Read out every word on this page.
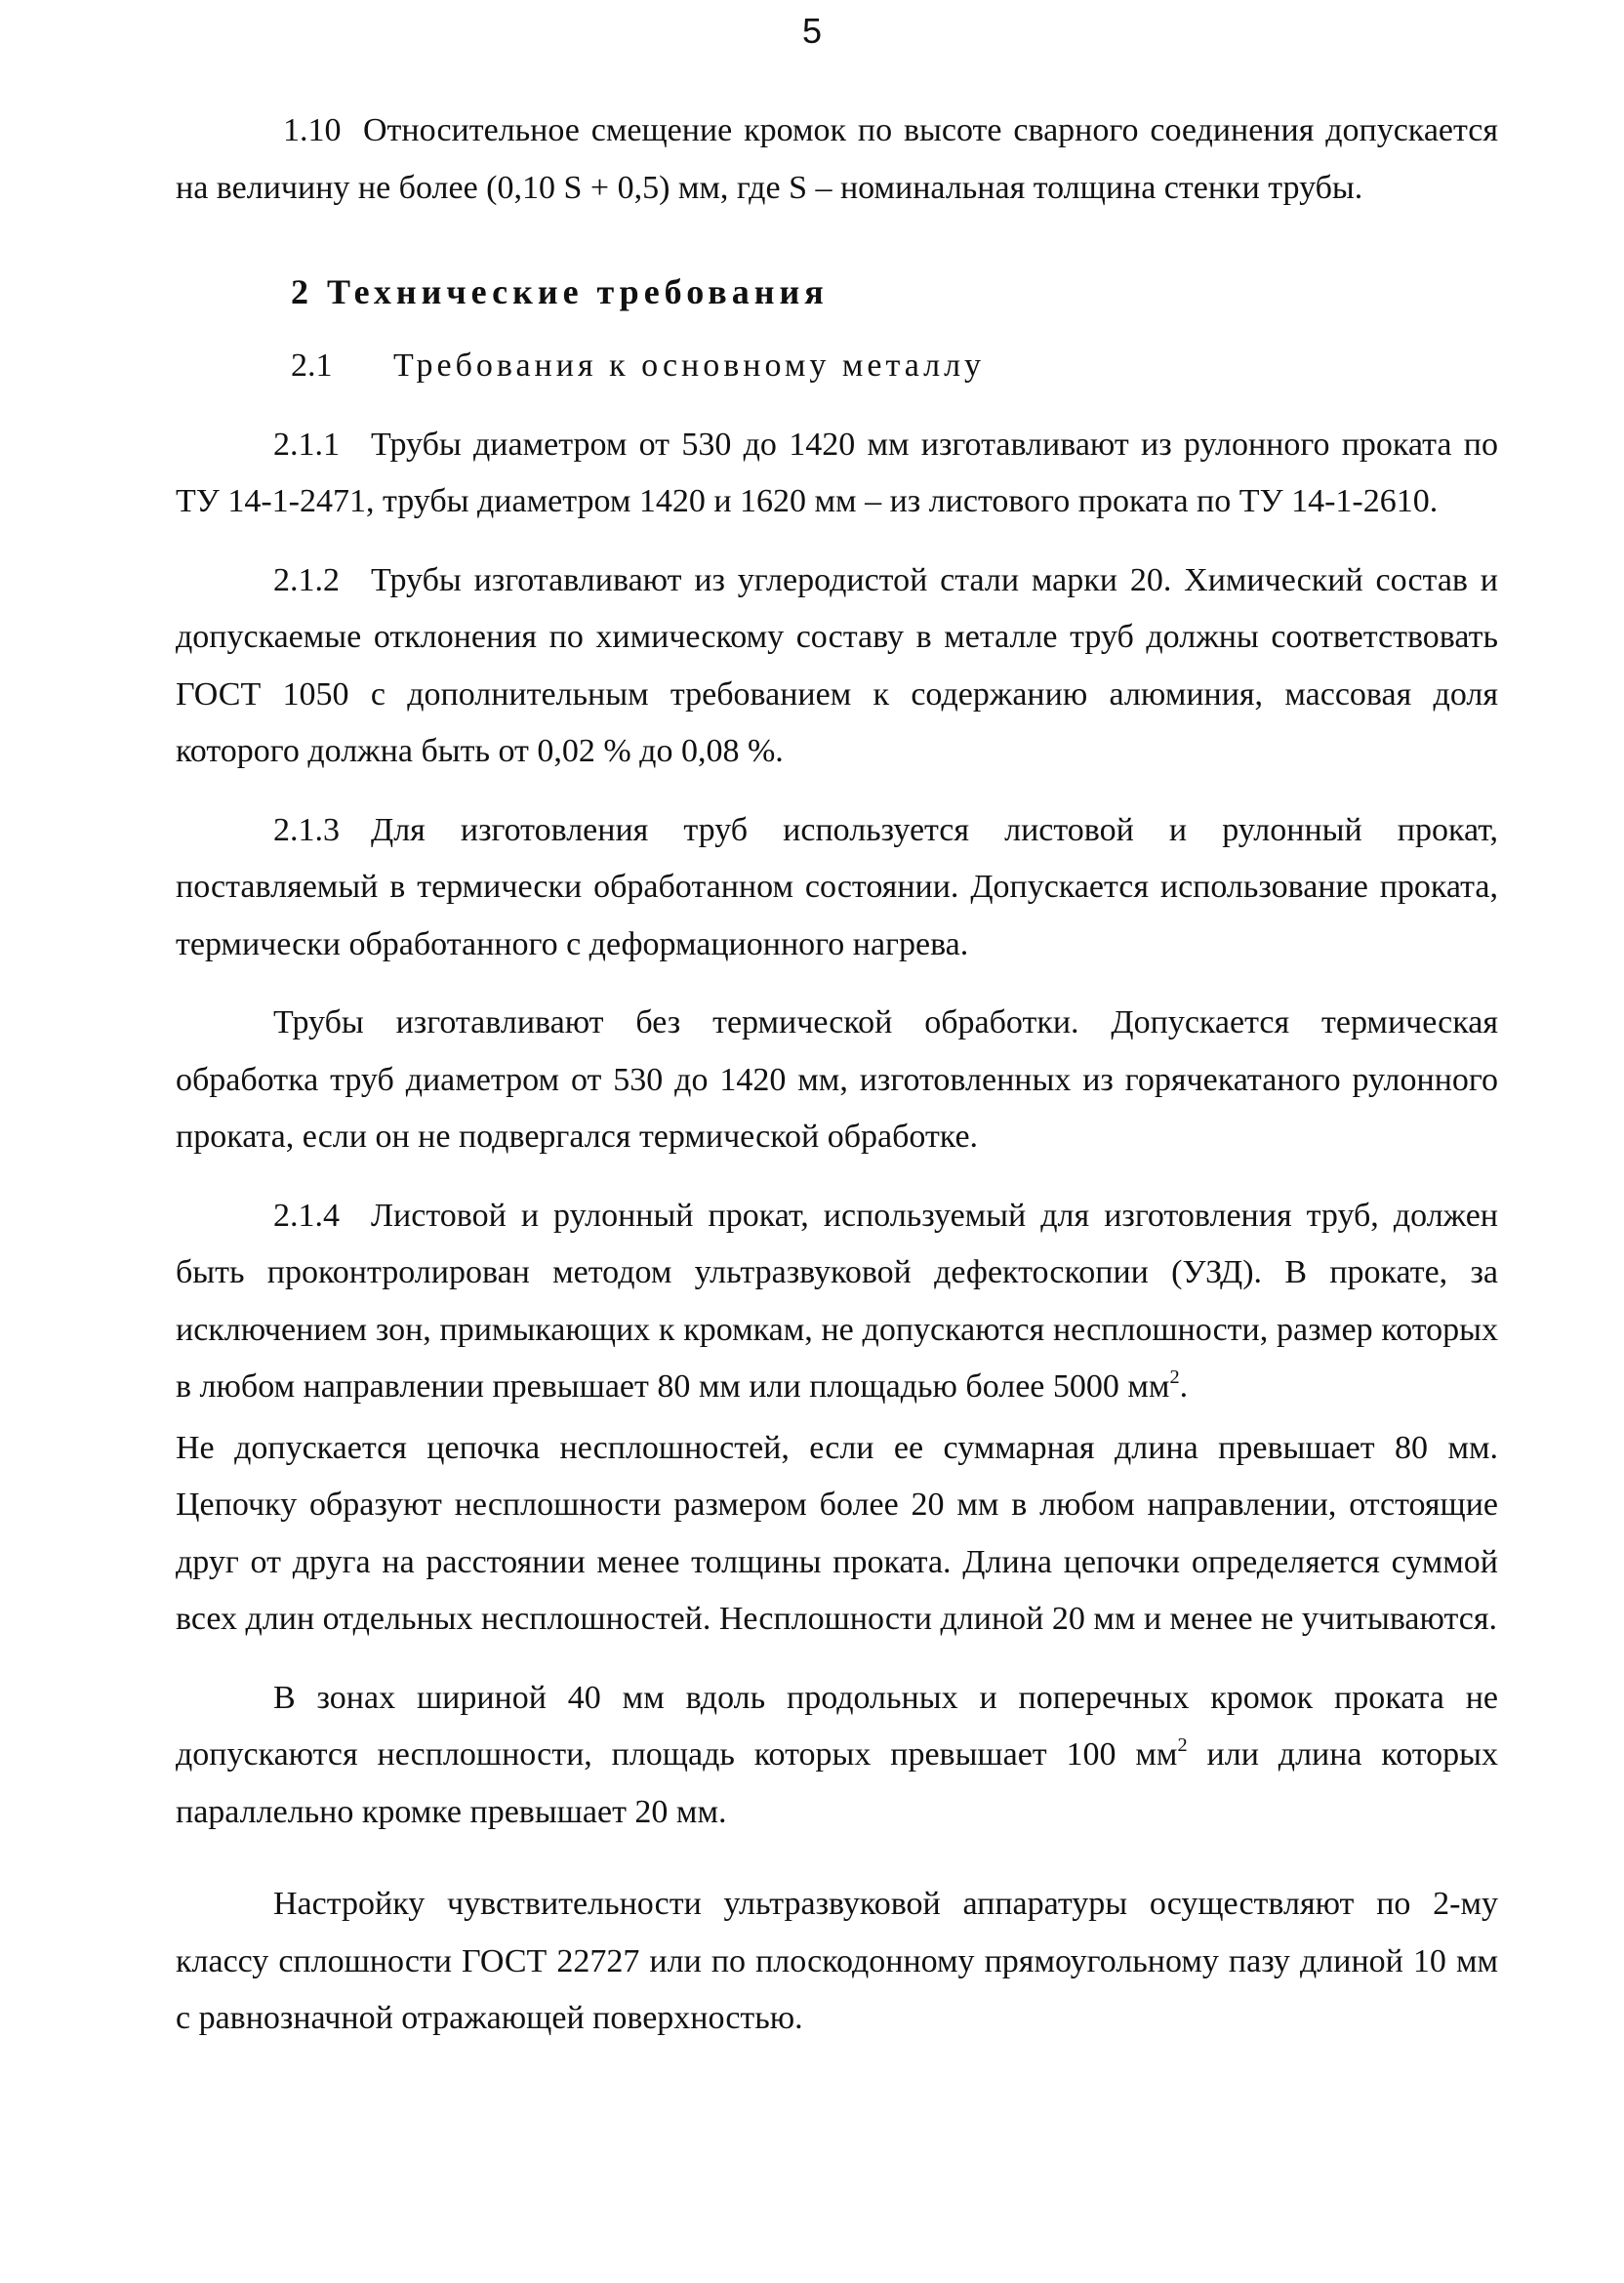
5

1.10 Относительное смещение кромок по высоте сварного соединения допускается на величину не более (0,10 S + 0,5) мм, где S – номинальная толщина стенки трубы.

2 Технические требования

2.1 Требования к основному металлу

2.1.1 Трубы диаметром от 530 до 1420 мм изготавливают из рулонного проката по ТУ 14-1-2471, трубы диаметром 1420 и 1620 мм – из листового проката по ТУ 14-1-2610.

2.1.2 Трубы изготавливают из углеродистой стали марки 20. Химический состав и допускаемые отклонения по химическому составу в металле труб должны соответствовать ГОСТ 1050 с дополнительным требованием к содержанию алюминия, массовая доля которого должна быть от 0,02 % до 0,08 %.

2.1.3 Для изготовления труб используется листовой и рулонный прокат, поставляемый в термически обработанном состоянии. Допускается использование проката, термически обработанного с деформационного нагрева.

Трубы изготавливают без термической обработки. Допускается термическая обработка труб диаметром от 530 до 1420 мм, изготовленных из горячекатаного рулонного проката, если он не подвергался термической обработке.

2.1.4 Листовой и рулонный прокат, используемый для изготовления труб, должен быть проконтролирован методом ультразвуковой дефектоскопии (УЗД). В прокате, за исключением зон, примыкающих к кромкам, не допускаются несплошности, размер которых в любом направлении превышает 80 мм или площадью более 5000 $мм^2$.

Не допускается цепочка несплошностей, если ее суммарная длина превышает 80 мм. Цепочку образуют несплошности размером более 20 мм в любом направлении, отстоящие друг от друга на расстоянии менее толщины проката. Длина цепочки определяется суммой всех длин отдельных несплошностей. Несплошности длиной 20 мм и менее не учитываются.

В зонах шириной 40 мм вдоль продольных и поперечных кромок проката не допускаются несплошности, площадь которых превышает 100 $мм^2$ или длина которых параллельно кромке превышает 20 мм.

Настройку чувствительности ультразвуковой аппаратуры осуществляют по 2-му классу сплошности ГОСТ 22727 или по плоскодонному прямоугольному пазу длиной 10 мм с равнозначной отражающей поверхностью.
